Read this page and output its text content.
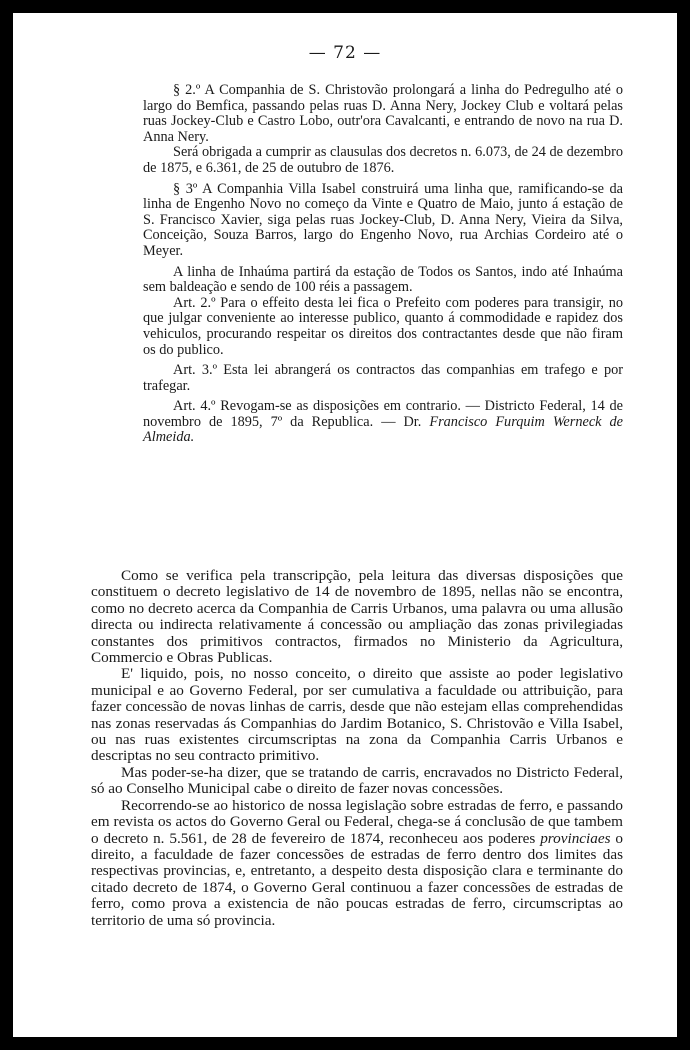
— 72 —

§ 2.º A Companhia de S. Christovão prolongará a linha do Pedregulho até o largo do Bemfica, passando pelas ruas D. Anna Nery, Jockey Club e voltará pelas ruas Jockey-Club e Castro Lobo, outr'ora Cavalcanti, e entrando de novo na rua D. Anna Nery.

Será obrigada a cumprir as clausulas dos decretos n. 6.073, de 24 de dezembro de 1875, e 6.361, de 25 de outubro de 1876.

§ 3º A Companhia Villa Isabel construirá uma linha que, ramificando-se da linha de Engenho Novo no começo da Vinte e Quatro de Maio, junto á estação de S. Francisco Xavier, siga pelas ruas Jockey-Club, D. Anna Nery, Vieira da Silva, Conceição, Souza Barros, largo do Engenho Novo, rua Archias Cordeiro até o Meyer.

A linha de Inhaúma partirá da estação de Todos os Santos, indo até Inhaúma sem baldeação e sendo de 100 réis a passagem.

Art. 2.º Para o effeito desta lei fica o Prefeito com poderes para transigir, no que julgar conveniente ao interesse publico, quanto á commodidade e rapidez dos vehiculos, procurando respeitar os direitos dos contractantes desde que não firam os do publico.

Art. 3.º Esta lei abrangerá os contractos das companhias em trafego e por trafegar.

Art. 4.º Revogam-se as disposições em contrario. — Districto Federal, 14 de novembro de 1895, 7º da Republica. — Dr. Francisco Furquim Werneck de Almeida.

Como se verifica pela transcripção, pela leitura das diversas disposições que constituem o decreto legislativo de 14 de novembro de 1895, nellas não se encontra, como no decreto acerca da Companhia de Carris Urbanos, uma palavra ou uma allusão directa ou indirecta relativamente á concessão ou ampliação das zonas privilegiadas constantes dos primitivos contractos, firmados no Ministerio da Agricultura, Commercio e Obras Publicas.

E' liquido, pois, no nosso conceito, o direito que assiste ao poder legislativo municipal e ao Governo Federal, por ser cumulativa a faculdade ou attribuição, para fazer concessão de novas linhas de carris, desde que não estejam ellas comprehendidas nas zonas reservadas ás Companhias do Jardim Botanico, S. Christovão e Villa Isabel, ou nas ruas existentes circumscriptas na zona da Companhia Carris Urbanos e descriptas no seu contracto primitivo.

Mas poder-se-ha dizer, que se tratando de carris, encravados no Districto Federal, só ao Conselho Municipal cabe o direito de fazer novas concessões.

Recorrendo-se ao historico de nossa legislação sobre estradas de ferro, e passando em revista os actos do Governo Geral ou Federal, chega-se á conclusão de que tambem o decreto n. 5.561, de 28 de fevereiro de 1874, reconheceu aos poderes provinciaes o direito, a faculdade de fazer concessões de estradas de ferro dentro dos limites das respectivas provincias, e, entretanto, a despeito desta disposição clara e terminante do citado decreto de 1874, o Governo Geral continuou a fazer concessões de estradas de ferro, como prova a existencia de não poucas estradas de ferro, circumscriptas ao territorio de uma só provincia.
